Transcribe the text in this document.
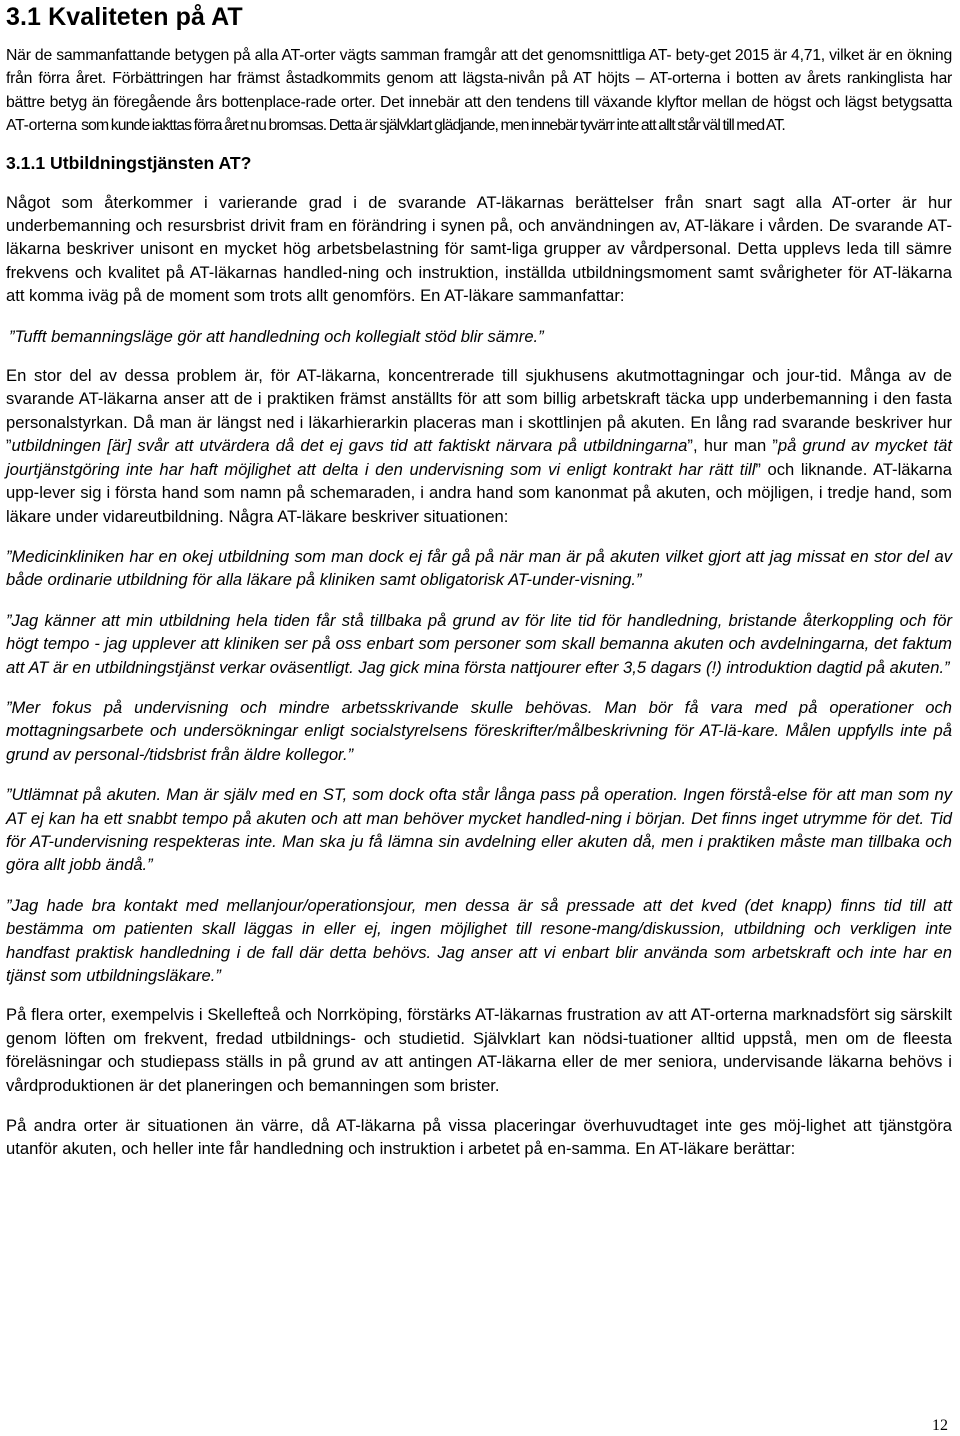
3.1 Kvaliteten på AT

När de sammanfattande betygen på alla AT-orter vägts samman framgår att det genomsnittliga AT- bety-get 2015 är 4,71, vilket är en ökning från förra året. Förbättringen har främst åstadkommits genom att lägsta-nivån på AT höjts – AT-orterna i botten av årets rankinglista har bättre betyg än föregående års bottenplace-rade orter. Det innebär att den tendens till växande klyftor mellan de högst och lägst betygsatta AT-orterna som kunde iakttas förra året nu bromsas. Detta är självklart glädjande, men innebär tyvärr inte att allt står väl till med AT.

3.1.1 Utbildningstjänsten AT?

Något som återkommer i varierande grad i de svarande AT-läkarnas berättelser från snart sagt alla AT-orter är hur underbemanning och resursbrist drivit fram en förändring i synen på, och användningen av, AT-läkare i vården. De svarande AT-läkarna beskriver unisont en mycket hög arbetsbelastning för samt-liga grupper av vårdpersonal. Detta upplevs leda till sämre frekvens och kvalitet på AT-läkarnas handled-ning och instruktion, inställda utbildningsmoment samt svårigheter för AT-läkarna att komma iväg på de moment som trots allt genomförs. En AT-läkare sammanfattar:

”Tufft bemanningsläge gör att handledning och kollegialt stöd blir sämre.”

En stor del av dessa problem är, för AT-läkarna, koncentrerade till sjukhusens akutmottagningar och jour-tid. Många av de svarande AT-läkarna anser att de i praktiken främst anställts för att som billig arbetskraft täcka upp underbemanning i den fasta personalstyrkan. Då man är längst ned i läkarhierarkin placeras man i skottlinjen på akuten. En lång rad svarande beskriver hur ”utbildningen [är] svår att utvärdera då det ej gavs tid att faktiskt närvara på utbildningarna”, hur man ”på grund av mycket tät jourtjänstgöring inte har haft möjlighet att delta i den undervisning som vi enligt kontrakt har rätt till” och liknande. AT-läkarna upp-lever sig i första hand som namn på schemaraden, i andra hand som kanonmat på akuten, och möjligen, i tredje hand, som läkare under vidareutbildning. Några AT-läkare beskriver situationen:

”Medicinkliniken har en okej utbildning som man dock ej får gå på när man är på akuten vilket gjort att jag missat en stor del av både ordinarie utbildning för alla läkare på kliniken samt obligatorisk AT-under-visning.”

”Jag känner att min utbildning hela tiden får stå tillbaka på grund av för lite tid för handledning, bristande återkoppling och för högt tempo - jag upplever att kliniken ser på oss enbart som personer som skall bemanna akuten och avdelningarna, det faktum att AT är en utbildningstjänst verkar oväsentligt. Jag gick mina första nattjourer efter 3,5 dagars (!) introduktion dagtid på akuten.”

”Mer fokus på undervisning och mindre arbetsskrivande skulle behövas. Man bör få vara med på operationer och mottagningsarbete och undersökningar enligt socialstyrelsens föreskrifter/målbeskrivning för AT-lä-kare. Målen uppfylls inte på grund av personal-/tidsbrist från äldre kollegor.”

”Utlämnat på akuten. Man är själv med en ST, som dock ofta står långa pass på operation. Ingen förstå-else för att man som ny AT ej kan ha ett snabbt tempo på akuten och att man behöver mycket handled-ning i början. Det finns inget utrymme för det. Tid för AT-undervisning respekteras inte. Man ska ju få lämna sin avdelning eller akuten då, men i praktiken måste man tillbaka och göra allt jobb ändå.”

”Jag hade bra kontakt med mellanjour/operationsjour, men dessa är så pressade att det kved (det knapp) finns tid till att bestämma om patienten skall läggas in eller ej, ingen möjlighet till resone-mang/diskussion, utbildning och verkligen inte handfast praktisk handledning i de fall där detta behövs. Jag anser att vi enbart blir använda som arbetskraft och inte har en tjänst som utbildningsläkare.”

På flera orter, exempelvis i Skellefteå och Norrköping, förstärks AT-läkarnas frustration av att AT-orterna marknadsfört sig särskilt genom löften om frekvent, fredad utbildnings- och studietid. Självklart kan nödsi-tuationer alltid uppstå, men om de fleesta föreläsningar och studiepass ställs in på grund av att antingen AT-läkarna eller de mer seniora, undervisande läkarna behövs i vårdproduktionen är det planeringen och bemanningen som brister.

På andra orter är situationen än värre, då AT-läkarna på vissa placeringar överhuvudtaget inte ges möj-lighet att tjänstgöra utanför akuten, och heller inte får handledning och instruktion i arbetet på en-samma. En AT-läkare berättar:

12
